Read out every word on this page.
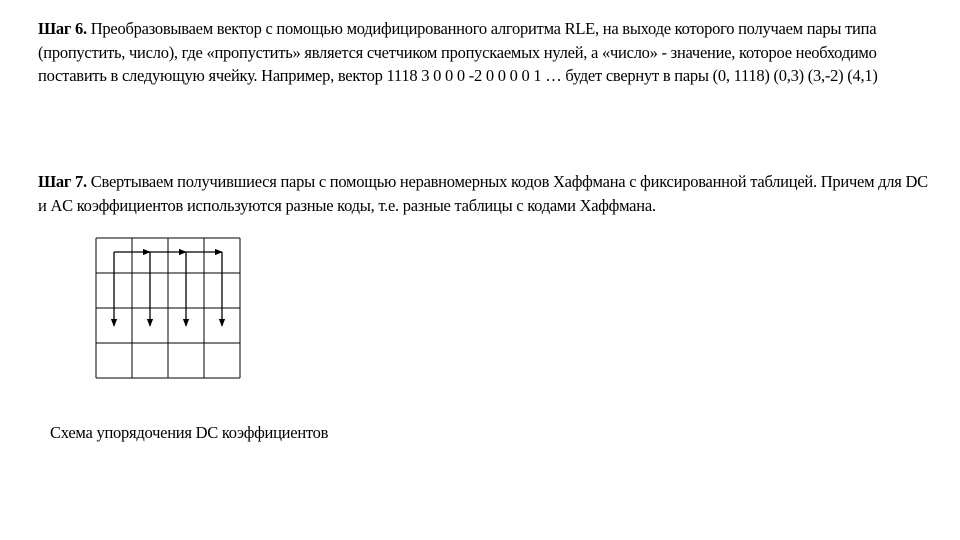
Шаг 6. Преобразовываем вектор с помощью модифицированного алгоритма RLE, на выходе которого получаем пары типа (пропустить, число), где «пропустить» является счетчиком пропускаемых нулей, а «число» - значение, которое необходимо поставить в следующую ячейку. Например, вектор 1118 3 0 0 0 -2 0 0 0 0 1 … будет свернут в пары (0, 1118) (0,3) (3,-2) (4,1)
Шаг 7. Свертываем получившиеся пары с помощью неравномерных кодов Хаффмана с фиксированной таблицей. Причем для DC и AC коэффициентов используются разные коды, т.е. разные таблицы с кодами Хаффмана.
Схема упорядочения DC коэффициентов
